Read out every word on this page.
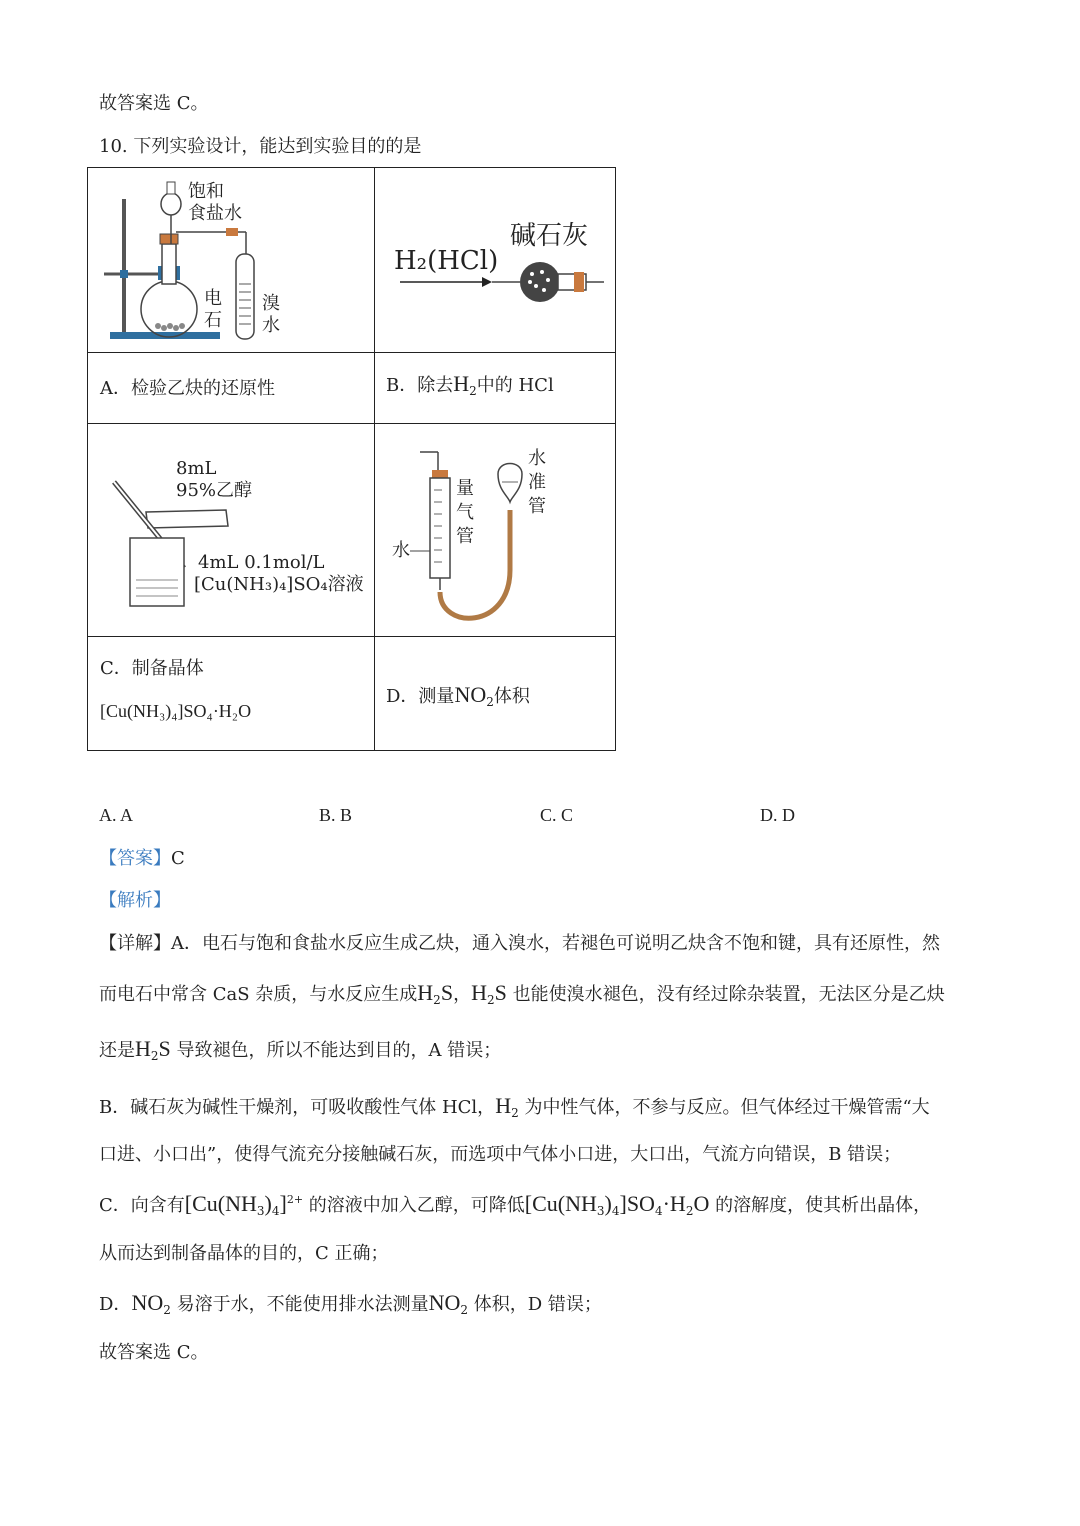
故答案选 C。
10. 下列实验设计，能达到实验目的的是
饱和
食盐水
电
石
溴
水
H₂(HCl)
碱石灰
A．检验乙炔的还原性	B．除去$H_2$中的 HCl
8mL
95%乙醇
4mL 0.1mol/L
[Cu(NH₃)₄]SO₄溶液
量
气
管
水
水
准
管
C．制备晶体
[Cu(NH₃)₄]SO₄·H₂O
D．测量$NO_2$体积
A. A	B. B	C. C	D. D
【答案】C
【解析】
【详解】A．电石与饱和食盐水反应生成乙炔，通入溴水，若褪色可说明乙炔含不饱和键，具有还原性，然
而电石中常含 CaS 杂质，与水反应生成$H_2S$，$H_2S$ 也能使溴水褪色，没有经过除杂装置，无法区分是乙炔
还是$H_2S$ 导致褪色，所以不能达到目的，A 错误；
B．碱石灰为碱性干燥剂，可吸收酸性气体 HCl，$H_2$ 为中性气体，不参与反应。但气体经过干燥管需“大
口进、小口出”，使得气流充分接触碱石灰，而选项中气体小口进，大口出，气流方向错误，B 错误；
C．向含有$[Cu(NH_3)_4]^{2+}$ 的溶液中加入乙醇，可降低$[Cu(NH_3)_4]SO_4\cdot H_2O$ 的溶解度，使其析出晶体，
从而达到制备晶体的目的，C 正确；
D．$NO_2$ 易溶于水，不能使用排水法测量$NO_2$ 体积，D 错误；
故答案选 C。
